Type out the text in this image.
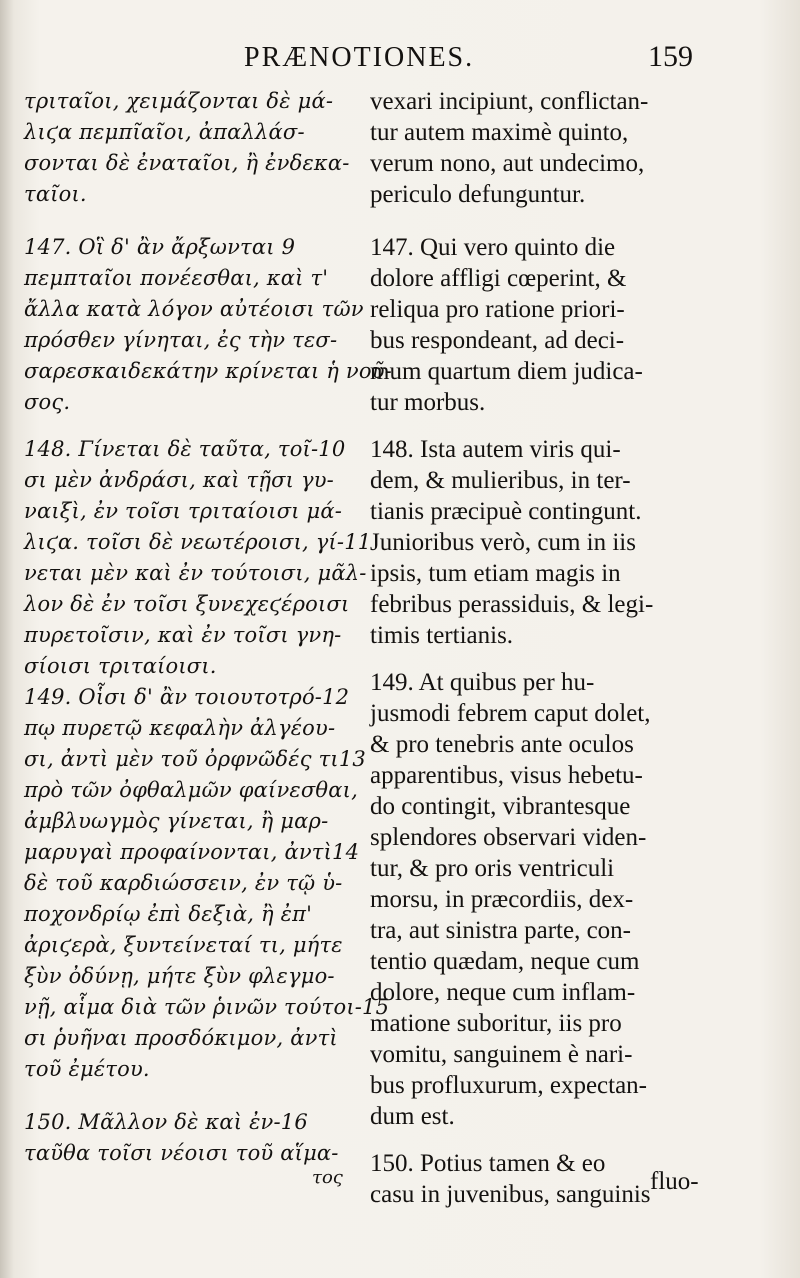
PRÆNOTIONES.	159
τριταῖοι, χειμάζονται δὲ μά-
λιϛα πεμπῖαῖοι, ἀπαλλάσ-
σονται δὲ ἐναταῖοι, ἢ ἐνδεκα-
ταῖοι.
147. Οἳ δ' ἂν ἄρξωνται 9
πεμπταῖοι πονέεσθαι, καὶ τ'
ἄλλα κατὰ λόγον αὐτέοισι τῶν
πρόσθεν γίνηται, ἐς τὴν τεσ-
σαρεσκαιδεκάτην κρίνεται ἡ νοῦ-
σος.
148. Γίνεται δὲ ταῦτα, τοῖ-10
σι μὲν ἀνδράσι, καὶ τῇσι γυ-
ναιξὶ, ἐν τοῖσι τριταίοισι μά-
λιϛα. τοῖσι δὲ νεωτέροισι, γί-11
νεται μὲν καὶ ἐν τούτοισι, μᾶλ-
λον δὲ ἐν τοῖσι ξυνεχεϛέροισι
πυρετοῖσιν, καὶ ἐν τοῖσι γνη-
σίοισι τριταίοισι.
149. Οἷσι δ' ἂν τοιουτοτρό-12
πῳ πυρετῷ κεφαλὴν ἀλγέου-
σι, ἀντὶ μὲν τοῦ ὀρφνῶδές τι13
πρὸ τῶν ὀφθαλμῶν φαίνεσθαι,
ἀμβλυωγμὸς γίνεται, ἢ μαρ-
μαρυγαὶ προφαίνονται, ἀντὶ14
δὲ τοῦ καρδιώσσειν, ἐν τῷ ὑ-
ποχονδρίῳ ἐπὶ δεξιὰ, ἢ ἐπ'
ἀριϛερὰ, ξυντείνεταί τι, μήτε
ξὺν ὀδύνῃ, μήτε ξὺν φλεγμο-
νῇ, αἷμα διὰ τῶν ῥινῶν τούτοι-15
σι ῥυῆναι προσδόκιμον, ἀντὶ
τοῦ ἐμέτου.
150. Μᾶλλον δὲ καὶ ἐν-16
ταῦθα τοῖσι νέοισι τοῦ αἵμα-
vexari incipiunt, conflictan-
tur autem maximè quinto,
verum nono, aut undecimo,
periculo defunguntur.
147. Qui vero quinto die
dolore affligi cœperint, &
reliqua pro ratione priori-
bus respondeant, ad deci-
mum quartum diem judica-
tur morbus.
148. Ista autem viris qui-
dem, & mulieribus, in ter-
tianis præcipuè contingunt.
Junioribus verò, cum in iis
ipsis, tum etiam magis in
febribus perassiduis, & legi-
timis tertianis.
149. At quibus per hu-
jusmodi febrem caput dolet,
& pro tenebris ante oculos
apparentibus, visus hebetu-
do contingit, vibrantesque
splendores observari viden-
tur, & pro oris ventriculi
morsu, in præcordiis, dex-
tra, aut sinistra parte, con-
tentio quædam, neque cum
dolore, neque cum inflam-
matione suboritur, iis pro
vomitu, sanguinem è nari-
bus profluxurum, expectan-
dum est.
150. Potius tamen & eo
casu in juvenibus, sanguinis
τος	fluo-
